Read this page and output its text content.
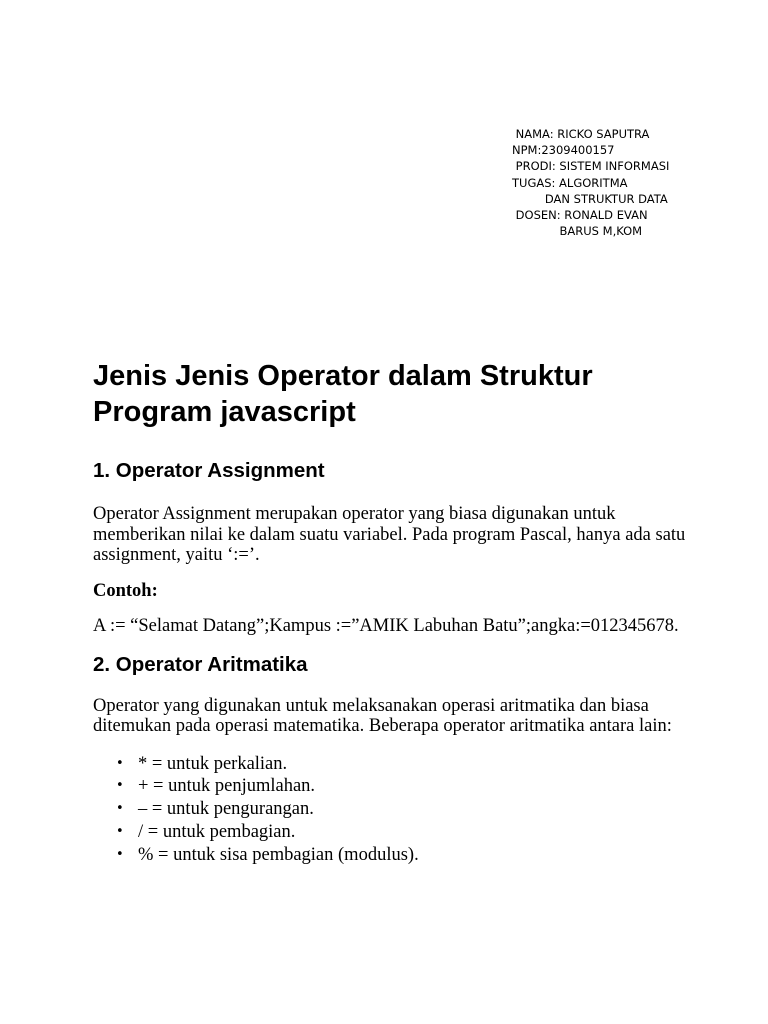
NAMA: RICKO SAPUTRA
NPM:2309400157
PRODI: SISTEM INFORMASI
TUGAS: ALGORITMA
DAN STRUKTUR DATA
DOSEN: RONALD EVAN
BARUS M,KOM
Jenis Jenis Operator dalam Struktur
Program javascript
1. Operator Assignment

Operator Assignment merupakan operator yang biasa digunakan untuk memberikan nilai ke dalam suatu variabel. Pada program Pascal, hanya ada satu assignment, yaitu ‘:=’.

Contoh:

A := “Selamat Datang”;Kampus :=”AMIK Labuhan Batu”;angka:=012345678.

2. Operator Aritmatika

Operator yang digunakan untuk melaksanakan operasi aritmatika dan biasa ditemukan pada operasi matematika. Beberapa operator aritmatika antara lain:

• * = untuk perkalian.
• + = untuk penjumlahan.
• – = untuk pengurangan.
• / = untuk pembagian.
• % = untuk sisa pembagian (modulus).
